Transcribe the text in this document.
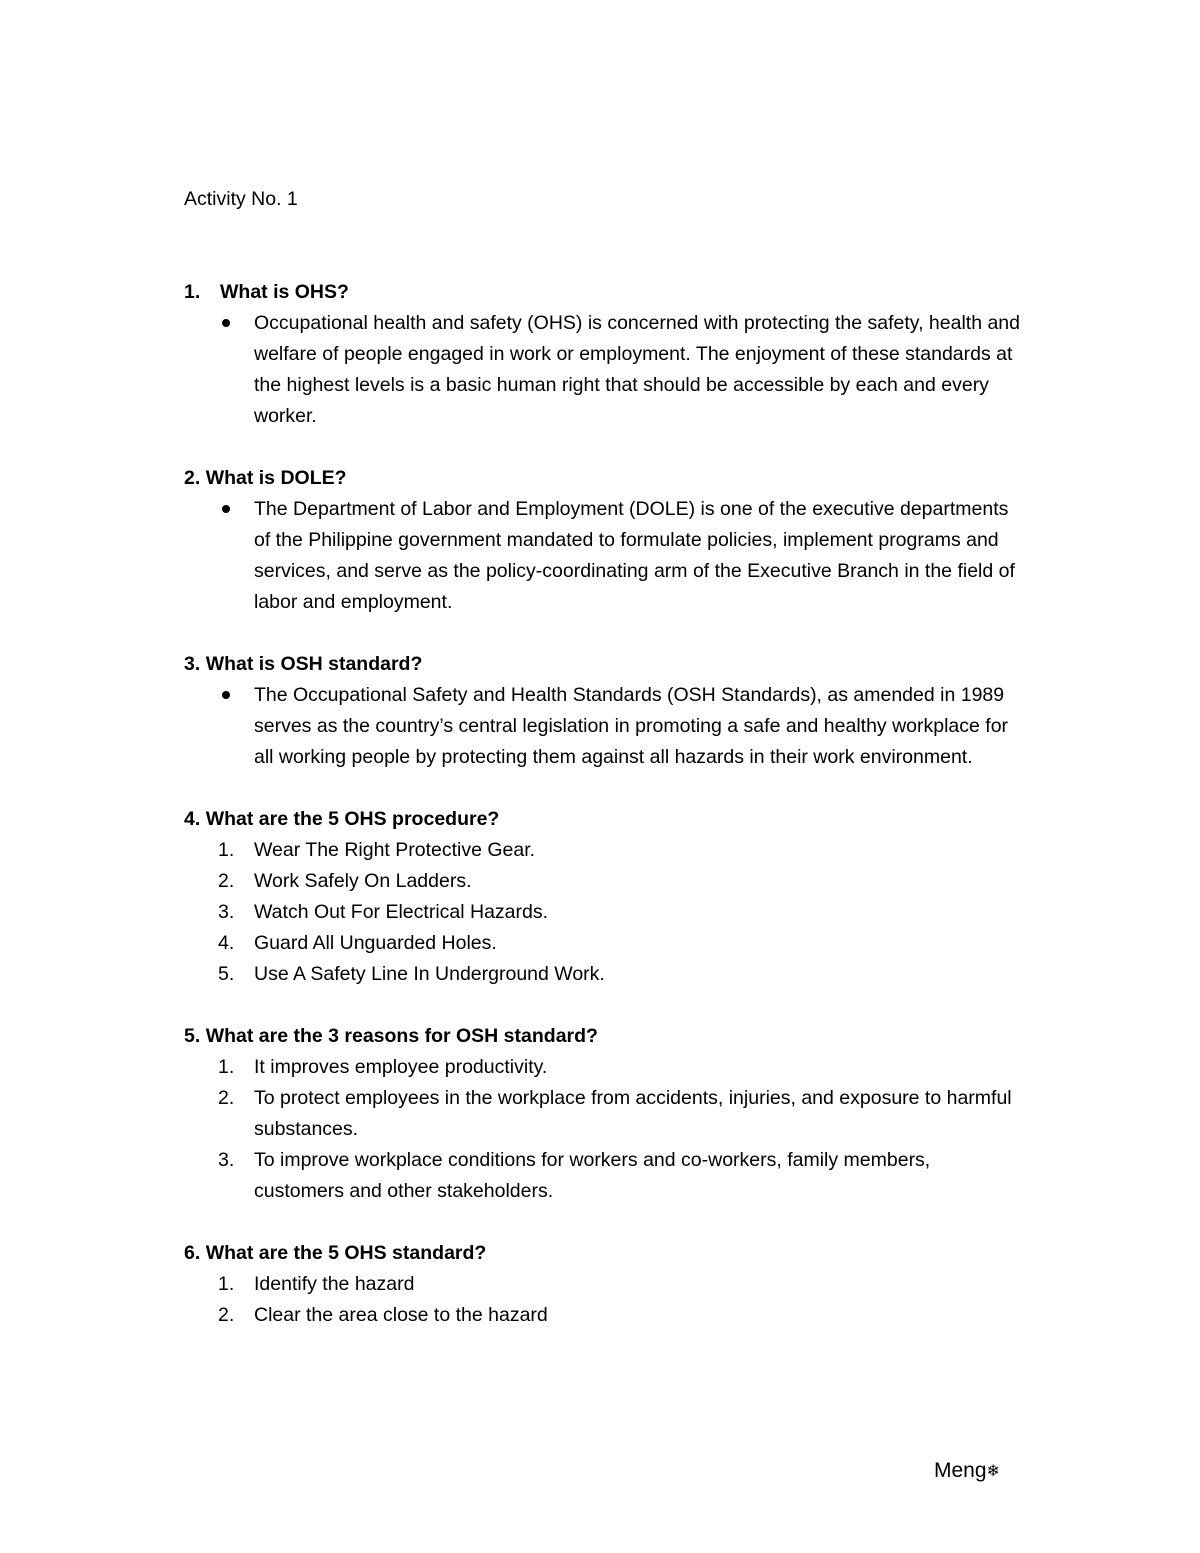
Activity No. 1

1. What is OHS?

Occupational health and safety (OHS) is concerned with protecting the safety, health and welfare of people engaged in work or employment. The enjoyment of these standards at the highest levels is a basic human right that should be accessible by each and every worker.

2. What is DOLE?

The Department of Labor and Employment (DOLE) is one of the executive departments of the Philippine government mandated to formulate policies, implement programs and services, and serve as the policy-coordinating arm of the Executive Branch in the field of labor and employment.

3. What is OSH standard?

The Occupational Safety and Health Standards (OSH Standards), as amended in 1989 serves as the country’s central legislation in promoting a safe and healthy workplace for all working people by protecting them against all hazards in their work environment.

4. What are the 5 OHS procedure?

1. Wear The Right Protective Gear.

2. Work Safely On Ladders.

3. Watch Out For Electrical Hazards.

4. Guard All Unguarded Holes.

5. Use A Safety Line In Underground Work.

5. What are the 3 reasons for OSH standard?

1. It improves employee productivity.

2. To protect employees in the workplace from accidents, injuries, and exposure to harmful substances.

3. To improve workplace conditions for workers and co-workers, family members, customers and other stakeholders.

6. What are the 5 OHS standard?

1. Identify the hazard

2. Clear the area close to the hazard

Meng❄
